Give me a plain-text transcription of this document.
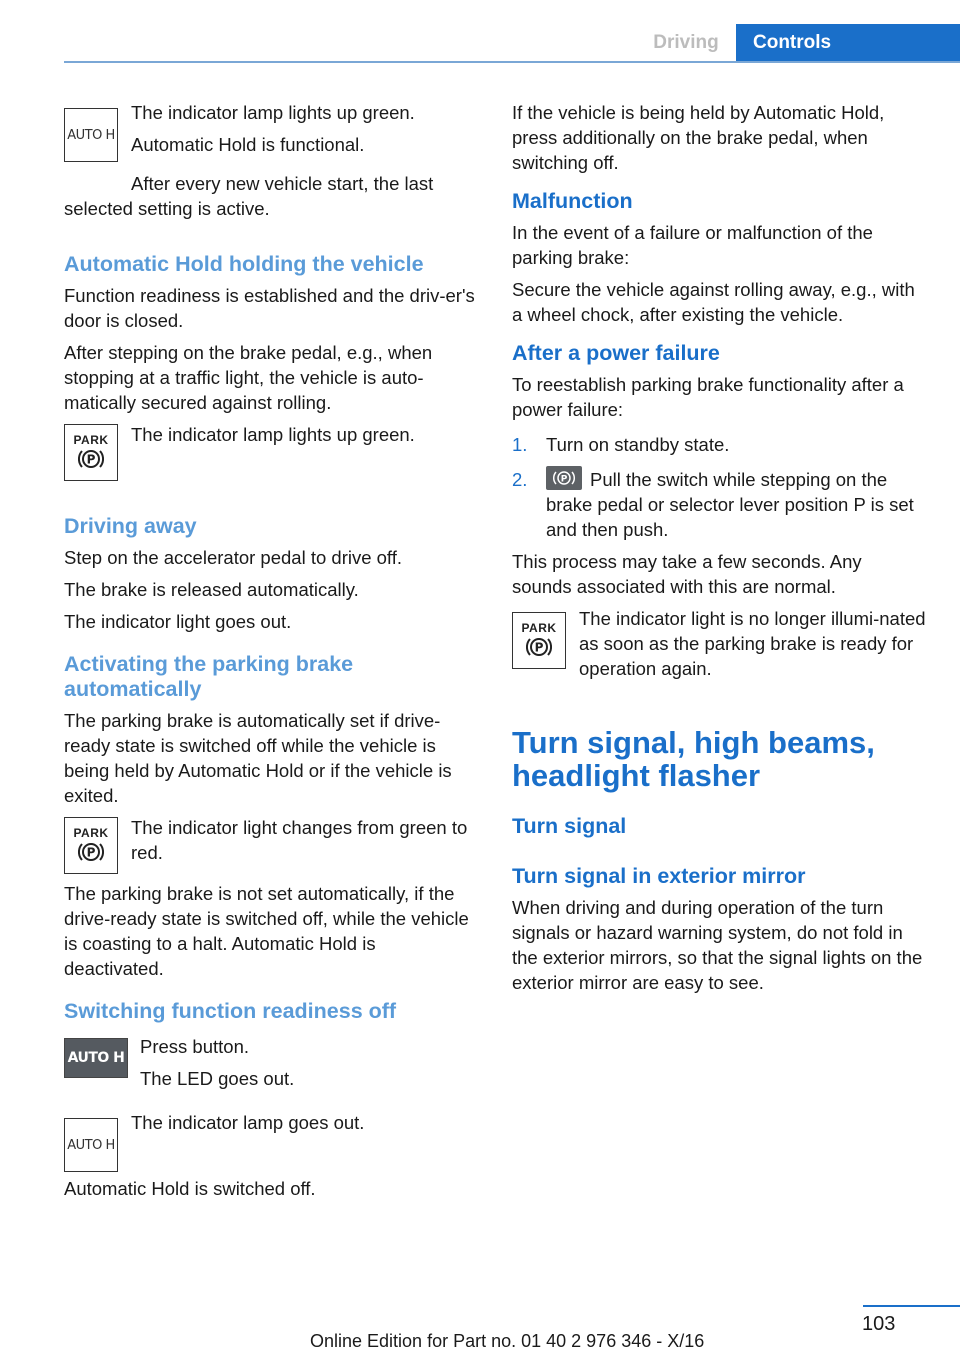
Driving	Controls
AUTO H

The indicator lamp lights up green.

Automatic Hold is functional.

After every new vehicle start, the last selected setting is active.

Automatic Hold holding the vehicle

Function readiness is established and the driv‐er's door is closed.

After stepping on the brake pedal, e.g., when stopping at a traffic light, the vehicle is auto‐matically secured against rolling.

PARK
P

The indicator lamp lights up green.

Driving away

Step on the accelerator pedal to drive off.

The brake is released automatically.

The indicator light goes out.

Activating the parking brake automatically

The parking brake is automatically set if drive-ready state is switched off while the vehicle is being held by Automatic Hold or if the vehicle is exited.

PARK
P

The indicator light changes from green to red.

The parking brake is not set automatically, if the drive-ready state is switched off, while the vehicle is coasting to a halt. Automatic Hold is deactivated.

Switching function readiness off
AUTO H

Press button.

The LED goes out.

AUTO H

The indicator lamp goes out.

Automatic Hold is switched off.

If the vehicle is being held by Automatic Hold, press additionally on the brake pedal, when switching off.

Malfunction

In the event of a failure or malfunction of the parking brake:

Secure the vehicle against rolling away, e.g., with a wheel chock, after existing the vehicle.

After a power failure

To reestablish parking brake functionality after a power failure:

1. Turn on standby state.

2.	P Pull the switch while stepping on the brake pedal or selector lever position P is set and then push.

This process may take a few seconds. Any sounds associated with this are normal.

PARK
P

The indicator light is no longer illumi‐nated as soon as the parking brake is ready for operation again.

Turn signal, high beams, headlight flasher
Turn signal
Turn signal in exterior mirror

When driving and during operation of the turn signals or hazard warning system, do not fold in the exterior mirrors, so that the signal lights on the exterior mirror are easy to see.

103
Online Edition for Part no. 01 40 2 976 346 - X/16
